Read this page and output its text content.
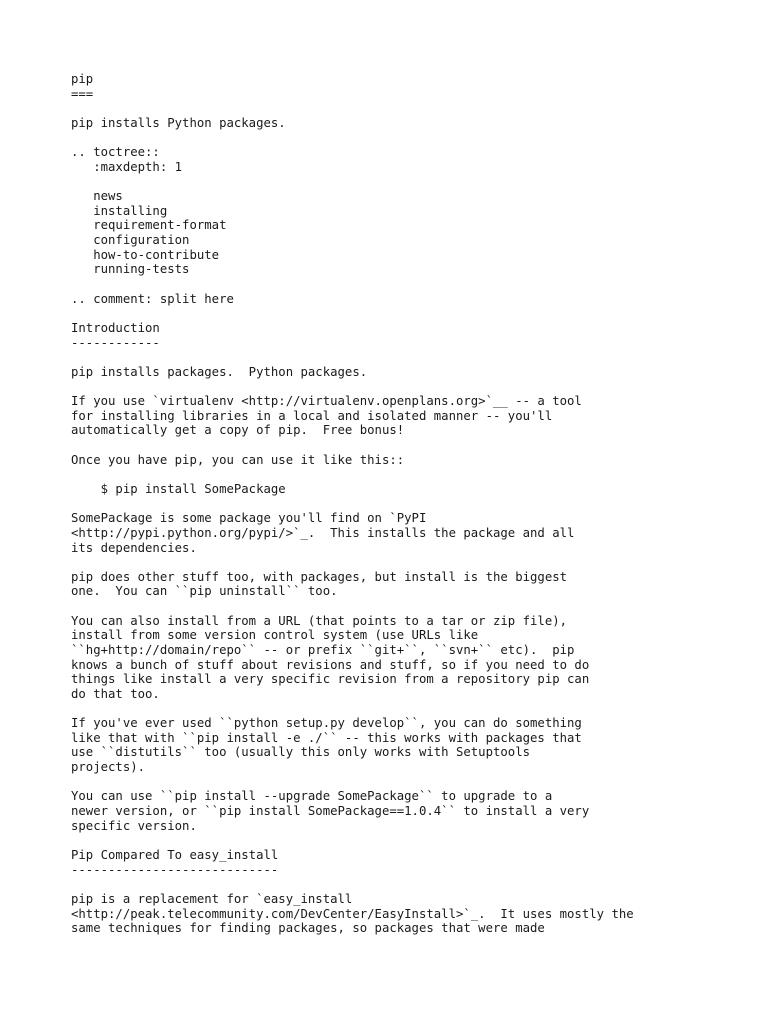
pip
===
pip installs Python packages.
.. toctree::
:maxdepth: 1
news
installing
requirement-format
configuration
how-to-contribute
running-tests
.. comment: split here
Introduction
------------
pip installs packages.  Python packages.
If you use `virtualenv <http://virtualenv.openplans.org>`__ -- a tool
for installing libraries in a local and isolated manner -- you'll
automatically get a copy of pip.  Free bonus!
Once you have pip, you can use it like this::
$ pip install SomePackage
SomePackage is some package you'll find on `PyPI
<http://pypi.python.org/pypi/>`_.  This installs the package and all
its dependencies.
pip does other stuff too, with packages, but install is the biggest
one.  You can ``pip uninstall`` too.
You can also install from a URL (that points to a tar or zip file),
install from some version control system (use URLs like
``hg+http://domain/repo`` -- or prefix ``git+``, ``svn+`` etc).  pip
knows a bunch of stuff about revisions and stuff, so if you need to do
things like install a very specific revision from a repository pip can
do that too.
If you've ever used ``python setup.py develop``, you can do something
like that with ``pip install -e ./`` -- this works with packages that
use ``distutils`` too (usually this only works with Setuptools
projects).
You can use ``pip install --upgrade SomePackage`` to upgrade to a
newer version, or ``pip install SomePackage==1.0.4`` to install a very
specific version.
Pip Compared To easy_install
----------------------------
pip is a replacement for `easy_install
<http://peak.telecommunity.com/DevCenter/EasyInstall>`_.  It uses mostly the
same techniques for finding packages, so packages that were made
